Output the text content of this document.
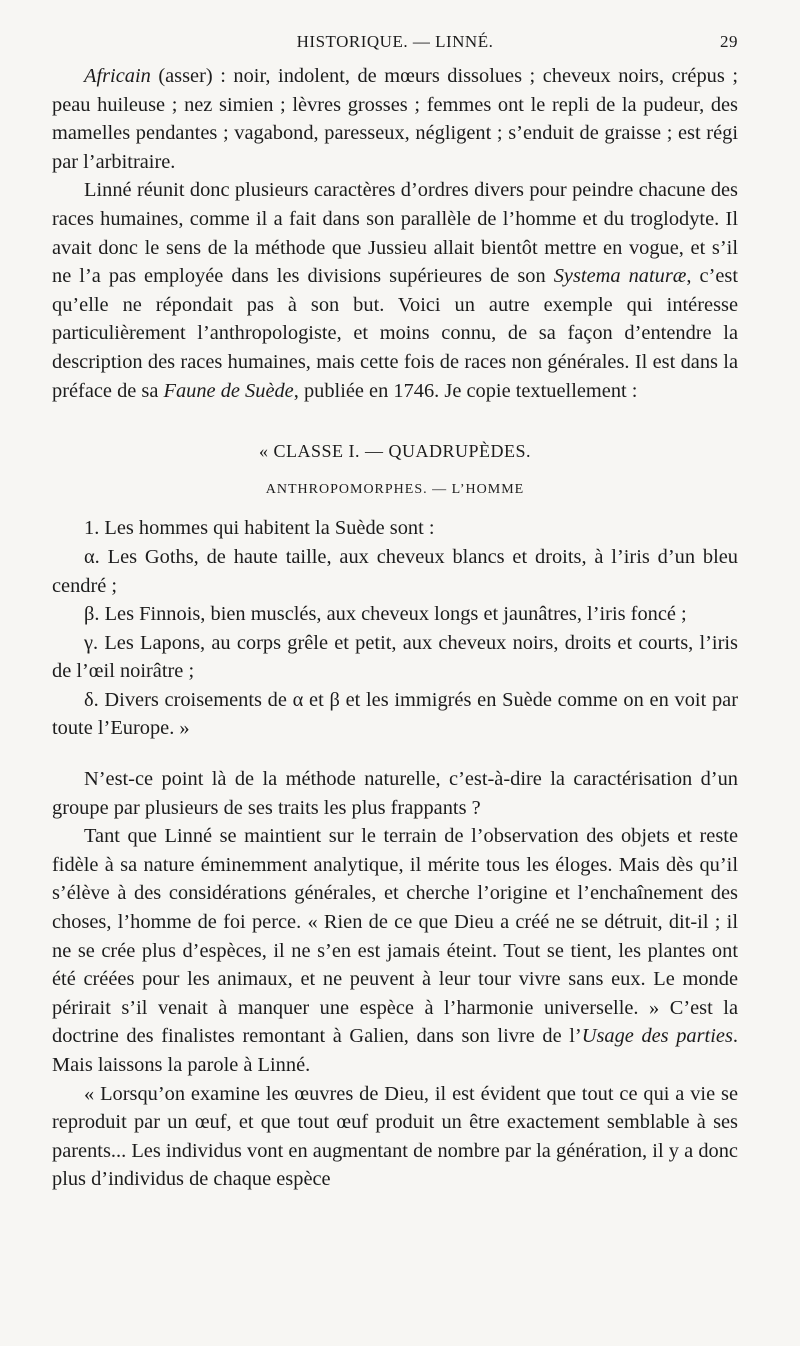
HISTORIQUE. — LINNÉ.	29

Africain (asser) : noir, indolent, de mœurs dissolues ; cheveux noirs, crépus ; peau huileuse ; nez simien ; lèvres grosses ; femmes ont le repli de la pudeur, des mamelles pendantes ; vagabond, paresseux, négligent ; s’enduit de graisse ; est régi par l’arbitraire.

Linné réunit donc plusieurs caractères d’ordres divers pour peindre chacune des races humaines, comme il a fait dans son parallèle de l’homme et du troglodyte. Il avait donc le sens de la méthode que Jussieu allait bientôt mettre en vogue, et s’il ne l’a pas employée dans les divisions supérieures de son Systema naturæ, c’est qu’elle ne répondait pas à son but. Voici un autre exemple qui intéresse particulièrement l’anthropologiste, et moins connu, de sa façon d’entendre la description des races humaines, mais cette fois de races non générales. Il est dans la préface de sa Faune de Suède, publiée en 1746. Je copie textuellement :

« CLASSE I. — QUADRUPÈDES.

ANTHROPOMORPHES. — L’HOMME

1. Les hommes qui habitent la Suède sont :

α. Les Goths, de haute taille, aux cheveux blancs et droits, à l’iris d’un bleu cendré ;

β. Les Finnois, bien musclés, aux cheveux longs et jaunâtres, l’iris foncé ;

γ. Les Lapons, au corps grêle et petit, aux cheveux noirs, droits et courts, l’iris de l’œil noirâtre ;

δ. Divers croisements de α et β et les immigrés en Suède comme on en voit par toute l’Europe. »

N’est-ce point là de la méthode naturelle, c’est-à-dire la caractérisation d’un groupe par plusieurs de ses traits les plus frappants ?

Tant que Linné se maintient sur le terrain de l’observation des objets et reste fidèle à sa nature éminemment analytique, il mérite tous les éloges. Mais dès qu’il s’élève à des considérations générales, et cherche l’origine et l’enchaînement des choses, l’homme de foi perce. « Rien de ce que Dieu a créé ne se détruit, dit-il ; il ne se crée plus d’espèces, il ne s’en est jamais éteint. Tout se tient, les plantes ont été créées pour les animaux, et ne peuvent à leur tour vivre sans eux. Le monde périrait s’il venait à manquer une espèce à l’harmonie universelle. » C’est la doctrine des finalistes remontant à Galien, dans son livre de l’Usage des parties. Mais laissons la parole à Linné.

« Lorsqu’on examine les œuvres de Dieu, il est évident que tout ce qui a vie se reproduit par un œuf, et que tout œuf produit un être exactement semblable à ses parents... Les individus vont en augmentant de nombre par la génération, il y a donc plus d’individus de chaque espèce
